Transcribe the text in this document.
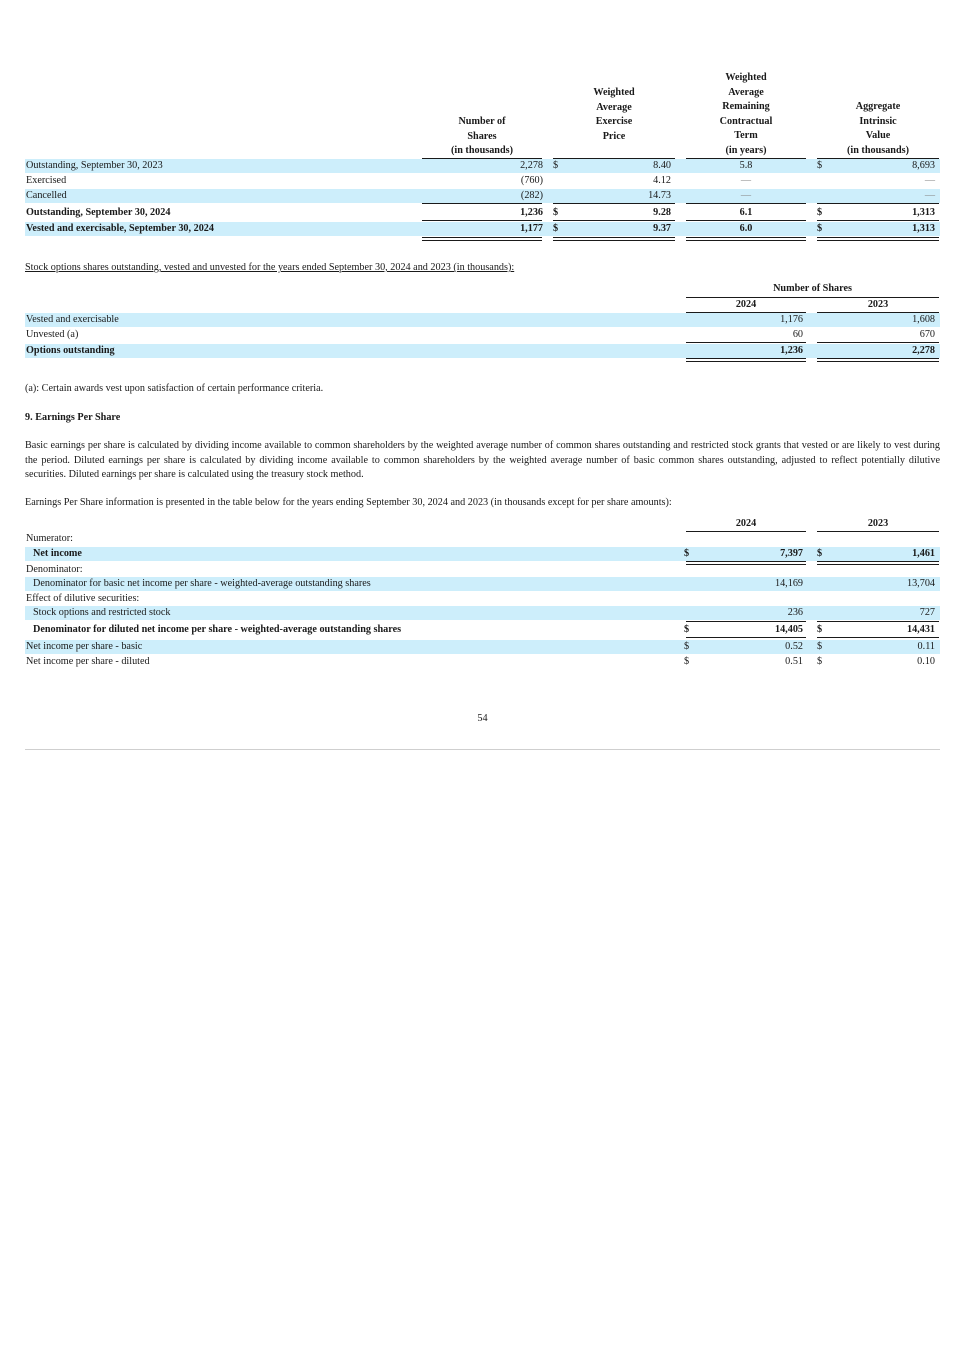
Number of
Shares
(in thousands)
Weighted
Average
Exercise
Price
Weighted
Average
Remaining
Contractual
Term
(in years)
Aggregate
Intrinsic
Value
(in thousands)
Outstanding, September 30, 2023	2,278 $	8.40	5.8	$	8,693
Exercised	(760)	4.12	—	—
Cancelled	(282)	14.73	—	—
Outstanding, September 30, 2024	1,236 $	9.28	6.1	$	1,313
Vested and exercisable, September 30, 2024	1,177 $	9.37	6.0	$	1,313
Stock options shares outstanding, vested and unvested for the years ended September 30, 2024 and 2023 (in thousands):
Number of Shares
2024	2023
Vested and exercisable	1,176	1,608
Unvested (a)	60	670
Options outstanding	1,236	2,278
(a): Certain awards vest upon satisfaction of certain performance criteria.
9. Earnings Per Share
Basic earnings per share is calculated by dividing income available to common shareholders by the weighted average number of common shares outstanding and restricted stock grants that vested or are likely to vest during the period. Diluted earnings per share is calculated by dividing income available to common shareholders by the weighted average number of basic common shares outstanding, adjusted to reflect potentially dilutive securities. Diluted earnings per share is calculated using the treasury stock method.
Earnings Per Share information is presented in the table below for the years ending September 30, 2024 and 2023 (in thousands except for per share amounts):
2024	2023
Numerator:
Net income	$	7,397 $	1,461
Denominator:
Denominator for basic net income per share - weighted-average outstanding shares	14,169	13,704
Effect of dilutive securities:
Stock options and restricted stock	236	727
Denominator for diluted net income per share - weighted-average outstanding shares	$	14,405 $	14,431
Net income per share - basic	$	0.52 $	0.11
Net income per share - diluted	$	0.51 $	0.10
54
